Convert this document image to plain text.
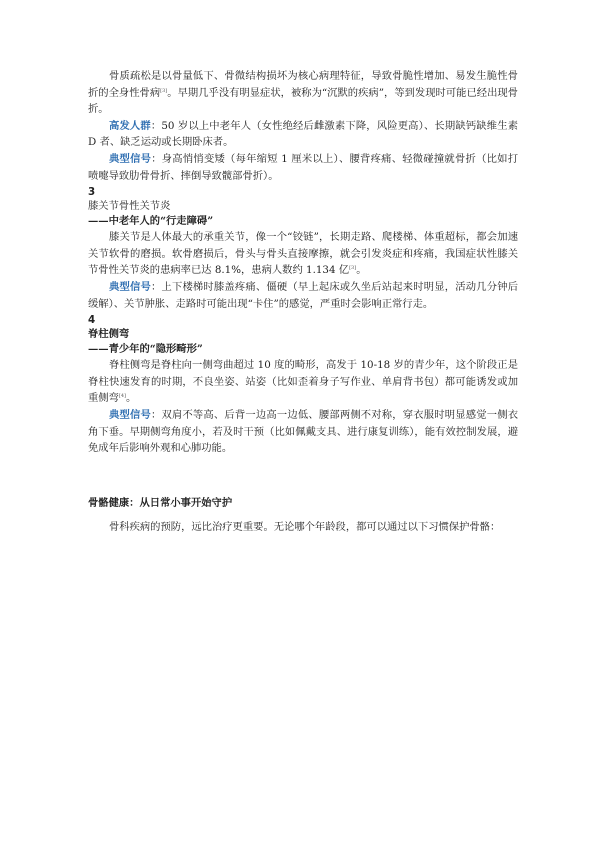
骨质疏松是以骨量低下、骨微结构损坏为核心病理特征，导致骨脆性增加、易发生脆性骨折的全身性骨病[3]。早期几乎没有明显症状，被称为“沉默的疾病”，等到发现时可能已经出现骨折。

高发人群：50 岁以上中老年人（女性绝经后雌激素下降，风险更高）、长期缺钙缺维生素 D 者、缺乏运动或长期卧床者。

典型信号：身高悄悄变矮（每年缩短 1 厘米以上）、腰背疼痛、轻微碰撞就骨折（比如打喷嚏导致肋骨骨折、摔倒导致髋部骨折）。

3
膝关节骨性关节炎
——中老年人的“行走障碍”

膝关节是人体最大的承重关节，像一个“铰链”，长期走路、爬楼梯、体重超标，都会加速关节软骨的磨损。软骨磨损后，骨头与骨头直接摩擦，就会引发炎症和疼痛，我国症状性膝关节骨性关节炎的患病率已达 8.1%，患病人数约 1.134 亿[3]。

典型信号：上下楼梯时膝盖疼痛、僵硬（早上起床或久坐后站起来时明显，活动几分钟后缓解）、关节肿胀、走路时可能出现“卡住”的感觉，严重时会影响正常行走。

4
脊柱侧弯
——青少年的“隐形畸形”

脊柱侧弯是脊柱向一侧弯曲超过 10 度的畸形，高发于 10-18 岁的青少年，这个阶段正是脊柱快速发育的时期，不良坐姿、站姿（比如歪着身子写作业、单肩背书包）都可能诱发或加重侧弯[4]。

典型信号：双肩不等高、后背一边高一边低、腰部两侧不对称，穿衣服时明显感觉一侧衣角下垂。早期侧弯角度小，若及时干预（比如佩戴支具、进行康复训练），能有效控制发展，避免成年后影响外观和心肺功能。

骨骼健康：从日常小事开始守护

骨科疾病的预防，远比治疗更重要。无论哪个年龄段，都可以通过以下习惯保护骨骼：
